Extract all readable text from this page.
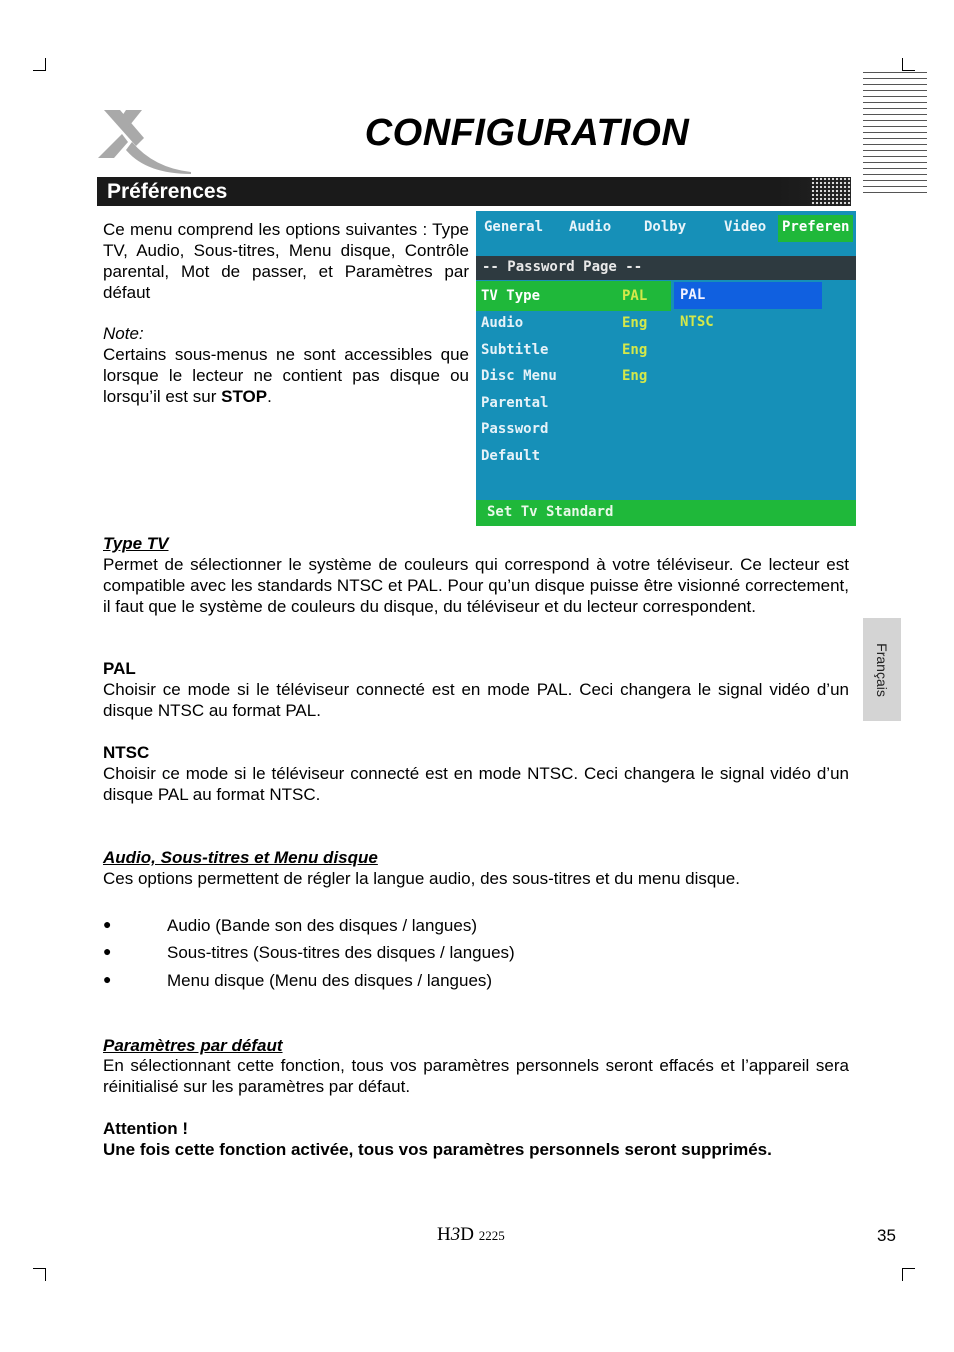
CONFIGURATION
Préférences
Ce menu comprend les options suivantes : Type TV, Audio, Sous-titres, Menu disque, Contrôle parental, Mot de passer, et Paramètres par défaut
Note:
Certains sous-menus ne sont accessibles que lorsque le lecteur ne contient pas disque ou lorsqu’il est sur STOP.
General Audio Dolby	Video Preferen
-- Password Page --
TV Type	PAL
Audio	Eng
Subtitle	Eng
Disc Menu	Eng
Parental
Password
Default
PAL
NTSC
Set Tv Standard
Type TV
Permet de sélectionner le système de couleurs qui correspond à votre téléviseur. Ce lecteur est compatible avec les standards NTSC et PAL. Pour qu’un disque puisse être visionné correctement, il faut que le système de couleurs du disque, du téléviseur et du lecteur correspondent.
PAL
Choisir ce mode si le téléviseur connecté est en mode PAL. Ceci changera le signal vidéo d’un disque NTSC au format PAL.
NTSC
Choisir ce mode si le téléviseur connecté est en mode NTSC. Ceci changera le signal vidéo d’un disque PAL au format NTSC.
Audio, Sous-titres et Menu disque
Ces options permettent de régler la langue audio, des sous-titres et du menu disque.
●	Audio (Bande son des disques / langues)
●	Sous-titres (Sous-titres des disques / langues)
●	Menu disque (Menu des disques / langues)
Paramètres par défaut
En sélectionnant cette fonction, tous vos paramètres personnels seront effacés et l’appareil sera réinitialisé sur les paramètres par défaut.
Attention !
Une fois cette fonction activée, tous vos paramètres personnels seront supprimés.
Français
H3D 2225	35
